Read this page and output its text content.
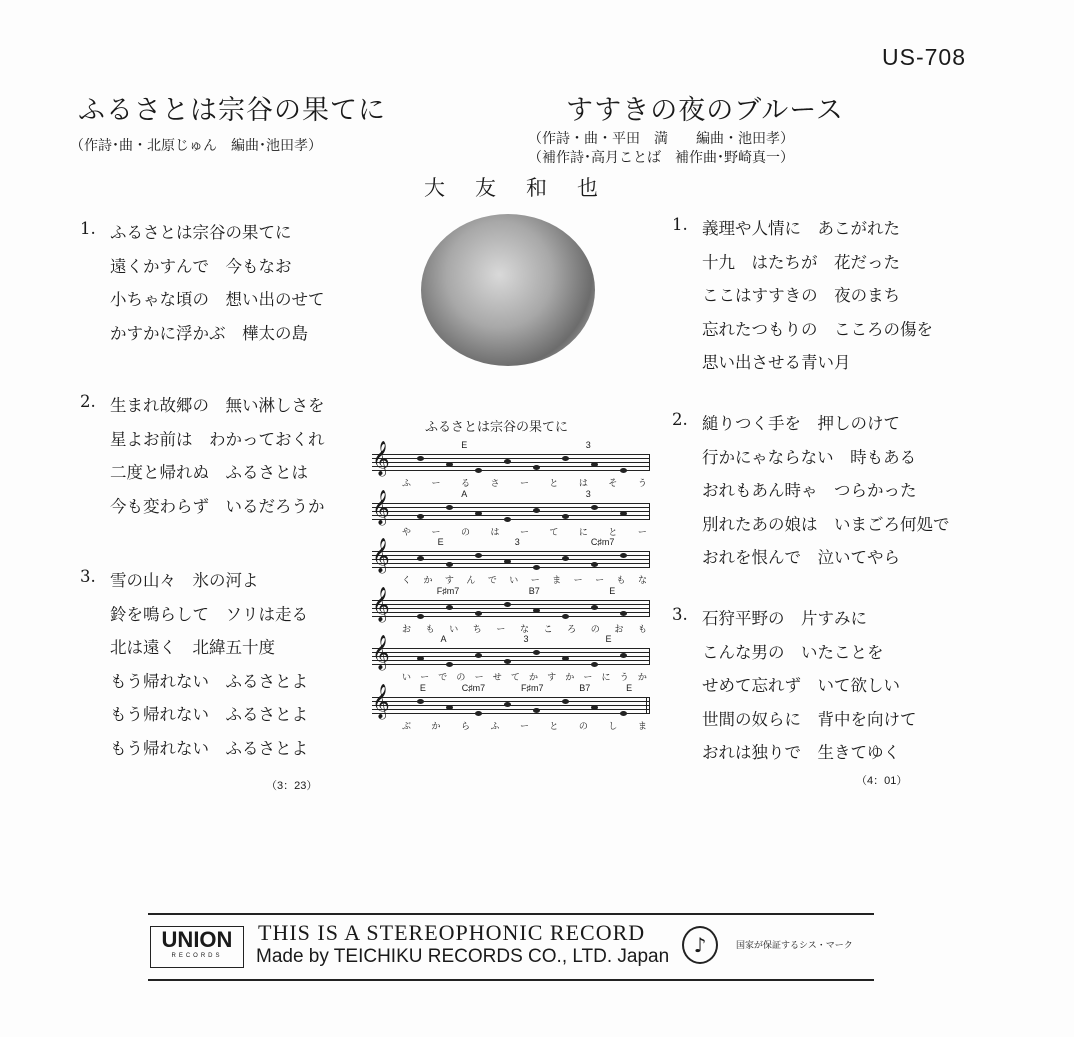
US-708
ふるさとは宗谷の果てに
（作詩･曲・北原じゅん　編曲･池田孝）
すすきの夜のブルース
（作詩・曲・平田　満　　編曲・池田孝）
（補作詩･高月ことば　補作曲･野崎真一）
大友和也
1. ふるさとは宗谷の果てに
遠くかすんで　今もなお
小ちゃな頃の　想い出のせて
かすかに浮かぶ　樺太の島
2. 生まれ故郷の　無い淋しさを
星よお前は　わかっておくれ
二度と帰れぬ　ふるさとは
今も変わらず　いるだろうか
3. 雪の山々　氷の河よ
鈴を鳴らして　ソリは走る
北は遠く　北緯五十度
もう帰れない　ふるさとよ
もう帰れない　ふるさとよ
もう帰れない　ふるさとよ
1. 義理や人情に　あこがれた
十九　はたちが　花だった
ここはすすきの　夜のまち
忘れたつもりの　こころの傷を
思い出させる青い月
2. 縋りつく手を　押しのけて
行かにゃならない　時もある
おれもあん時ゃ　つらかった
別れたあの娘は　いまごろ何処で
おれを恨んで　泣いてやら
3. 石狩平野の　片すみに
こんな男の　いたことを
せめて忘れず　いて欲しい
世間の奴らに　背中を向けて
おれは独りで　生きてゆく
（3：23）	（4：01）
ふるさとは宗谷の果てに
𝄞	E	3
ふ ー る さ ー と は そ う
𝄞	A	3
や ー の は ー て に と ー
𝄞	E	3	C♯m7
く か す ん で い ー ま ー ー も な
𝄞	F♯m7	B7	E
お も い ち ー な こ ろ の お も
𝄞	A	3	E
い ー で の ー せ て か す か ー に う か
𝄞	E	C♯m7	F♯m7	B7	E
ぶ か ら ふ ー と の し ま
UNION
RECORDS
THIS IS A STEREOPHONIC RECORD
Made by TEICHIKU RECORDS CO., LTD. Japan	♪	国家が保証するシス・マーク
